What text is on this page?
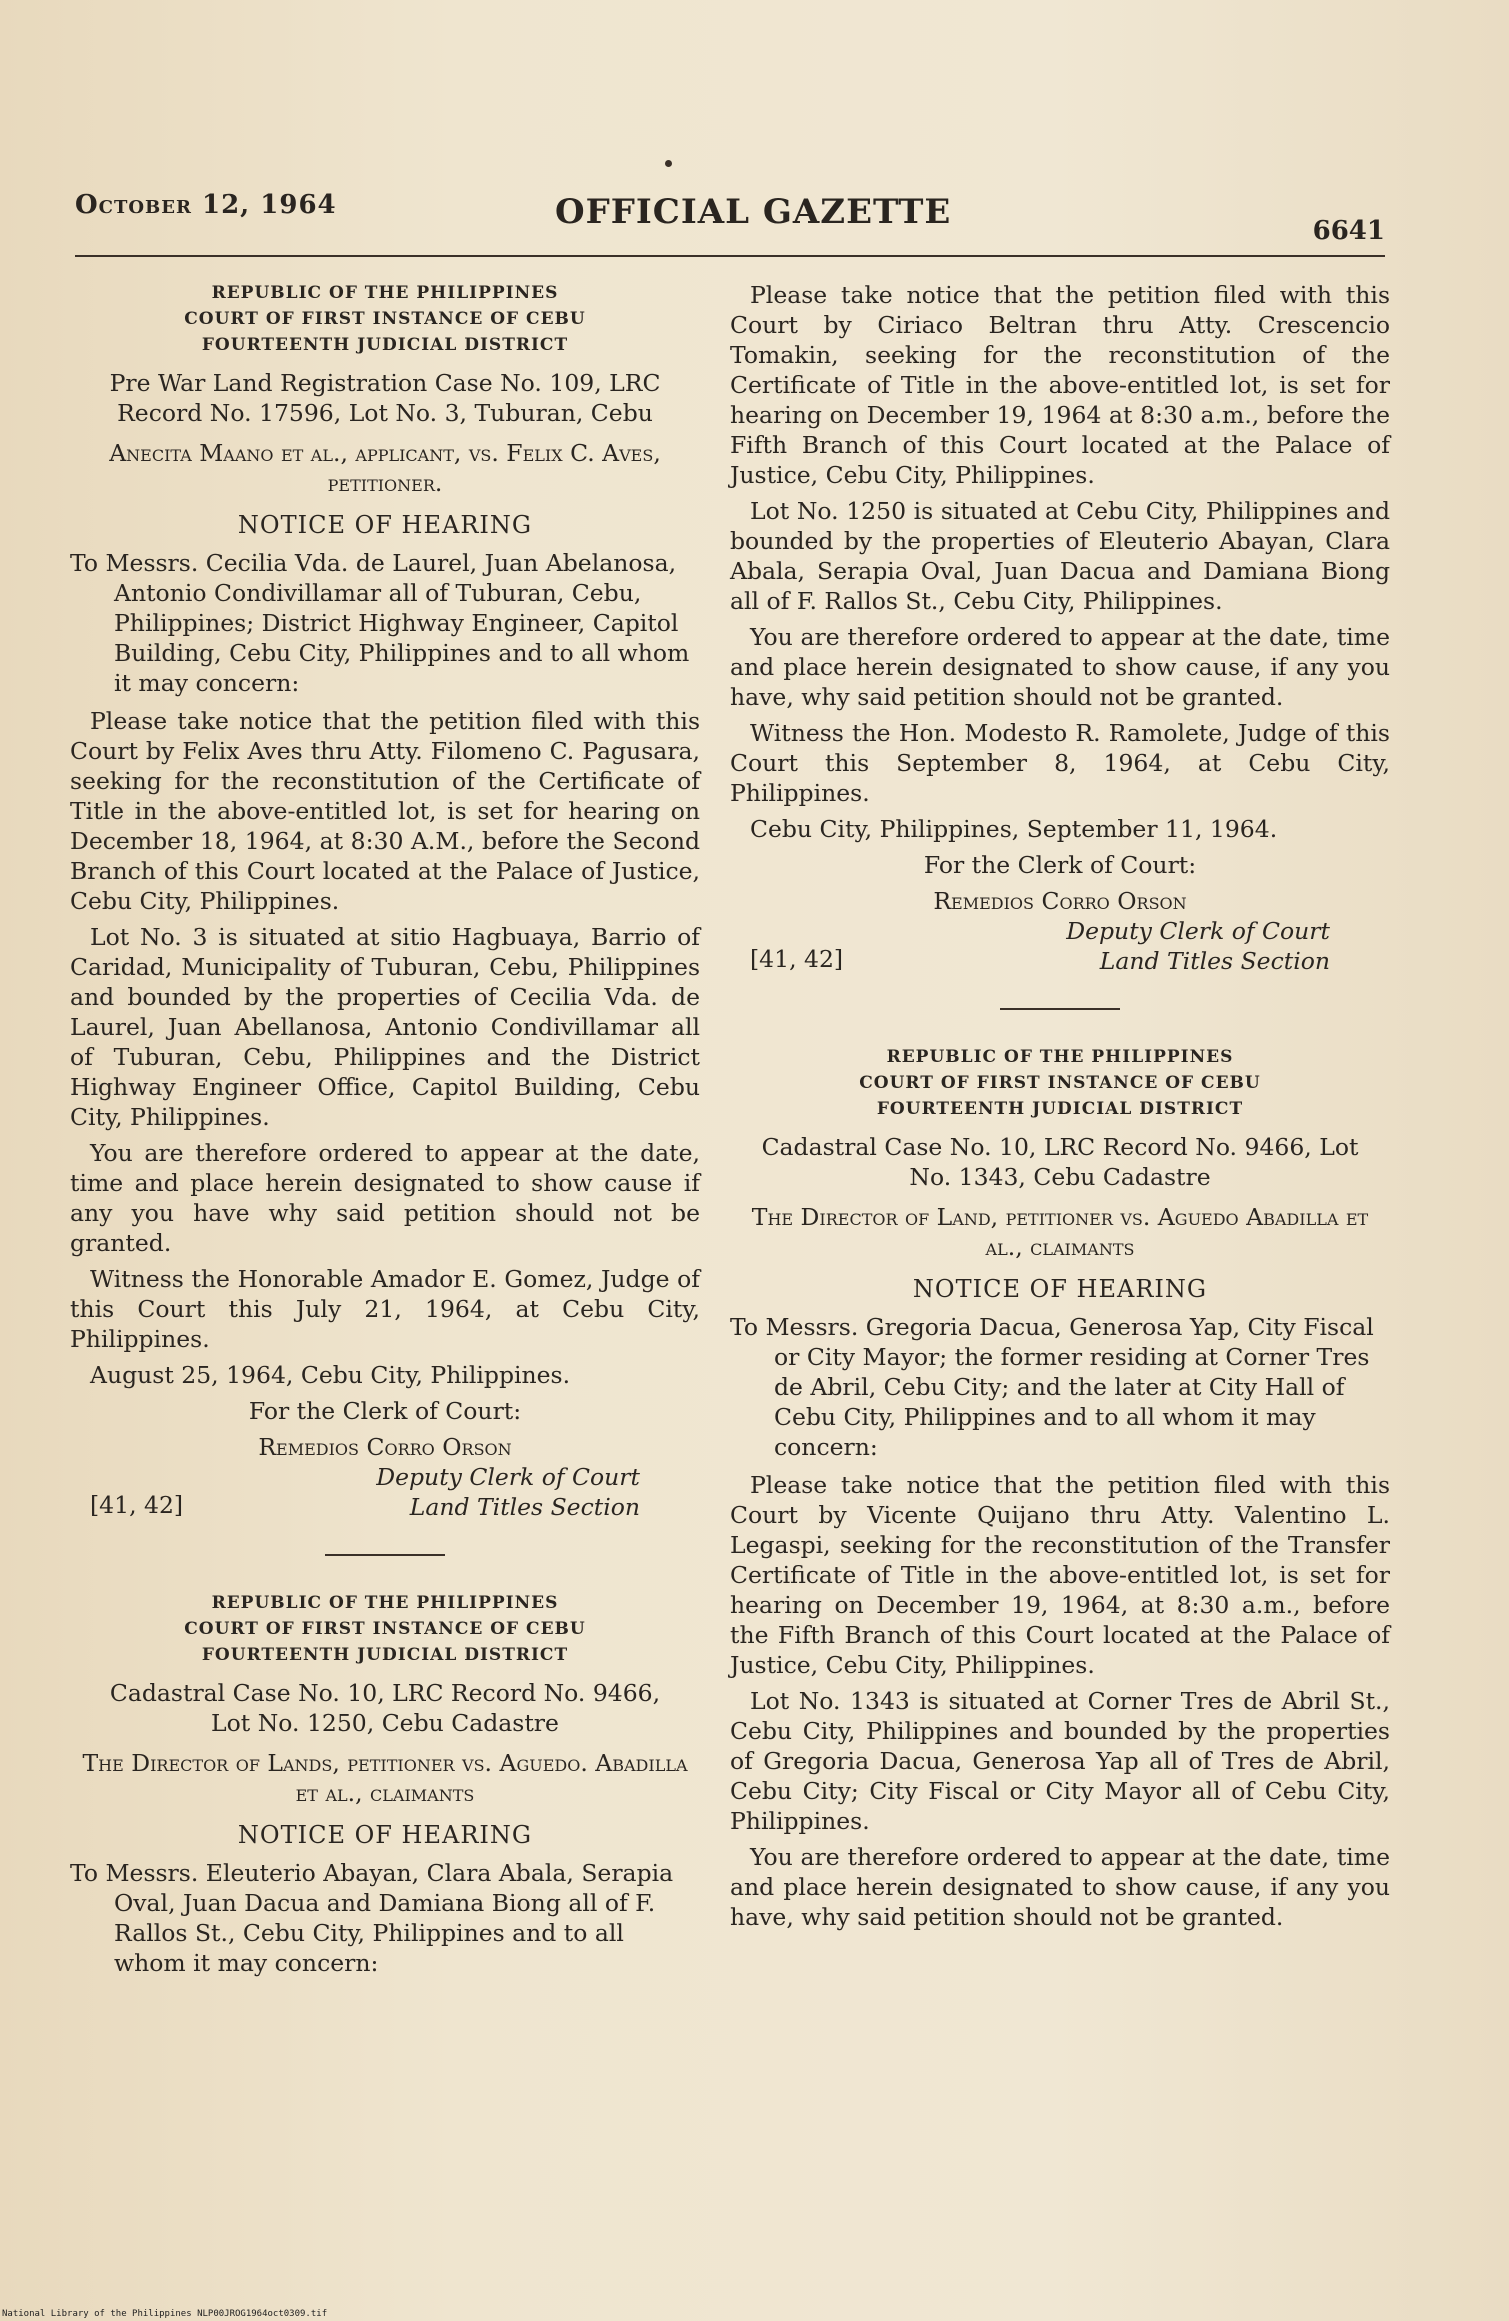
October 12, 1964	OFFICIAL GAZETTE	6641
REPUBLIC OF THE PHILIPPINES
COURT OF FIRST INSTANCE OF CEBU
FOURTEENTH JUDICIAL DISTRICT
Pre War Land Registration Case No. 109, LRC Record No. 17596, Lot No. 3, Tuburan, Cebu
Anecita Maano et al., applicant, vs. Felix C. Aves, petitioner.
NOTICE OF HEARING
To Messrs. Cecilia Vda. de Laurel, Juan Abelanosa, Antonio Condivillamar all of Tuburan, Cebu, Philippines; District Highway Engineer, Capitol Building, Cebu City, Philippines and to all whom it may concern:

Please take notice that the petition filed with this Court by Felix Aves thru Atty. Filomeno C. Pagusara, seeking for the reconstitution of the Certificate of Title in the above-entitled lot, is set for hearing on December 18, 1964, at 8:30 A.M., before the Second Branch of this Court located at the Palace of Justice, Cebu City, Philippines.

Lot No. 3 is situated at sitio Hagbuaya, Barrio of Caridad, Municipality of Tuburan, Cebu, Philippines and bounded by the properties of Cecilia Vda. de Laurel, Juan Abellanosa, Antonio Condivillamar all of Tuburan, Cebu, Philippines and the District Highway Engineer Office, Capitol Building, Cebu City, Philippines.

You are therefore ordered to appear at the date, time and place herein designated to show cause if any you have why said petition should not be granted.

Witness the Honorable Amador E. Gomez, Judge of this Court this July 21, 1964, at Cebu City, Philippines.

August 25, 1964, Cebu City, Philippines.

For the Clerk of Court:
Remedios Corro Orson
Deputy Clerk of Court
[41, 42]	Land Titles Section
REPUBLIC OF THE PHILIPPINES
COURT OF FIRST INSTANCE OF CEBU
FOURTEENTH JUDICIAL DISTRICT
Cadastral Case No. 10, LRC Record No. 9466, Lot No. 1250, Cebu Cadastre
The Director of Lands, petitioner vs. Aguedo. Abadilla et al., claimants
NOTICE OF HEARING
To Messrs. Eleuterio Abayan, Clara Abala, Serapia Oval, Juan Dacua and Damiana Biong all of F. Rallos St., Cebu City, Philippines and to all whom it may concern:

Please take notice that the petition filed with this Court by Ciriaco Beltran thru Atty. Crescencio Tomakin, seeking for the reconstitution of the Certificate of Title in the above-entitled lot, is set for hearing on December 19, 1964 at 8:30 a.m., before the Fifth Branch of this Court located at the Palace of Justice, Cebu City, Philippines.

Lot No. 1250 is situated at Cebu City, Philippines and bounded by the properties of Eleuterio Abayan, Clara Abala, Serapia Oval, Juan Dacua and Damiana Biong all of F. Rallos St., Cebu City, Philippines.

You are therefore ordered to appear at the date, time and place herein designated to show cause, if any you have, why said petition should not be granted.

Witness the Hon. Modesto R. Ramolete, Judge of this Court this September 8, 1964, at Cebu City, Philippines.

Cebu City, Philippines, September 11, 1964.

For the Clerk of Court:
Remedios Corro Orson
Deputy Clerk of Court
[41, 42]	Land Titles Section
REPUBLIC OF THE PHILIPPINES
COURT OF FIRST INSTANCE OF CEBU
FOURTEENTH JUDICIAL DISTRICT
Cadastral Case No. 10, LRC Record No. 9466, Lot No. 1343, Cebu Cadastre
The Director of Land, petitioner vs. Aguedo Abadilla et al., claimants
NOTICE OF HEARING
To Messrs. Gregoria Dacua, Generosa Yap, City Fiscal or City Mayor; the former residing at Corner Tres de Abril, Cebu City; and the later at City Hall of Cebu City, Philippines and to all whom it may concern:

Please take notice that the petition filed with this Court by Vicente Quijano thru Atty. Valentino L. Legaspi, seeking for the reconstitution of the Transfer Certificate of Title in the above-entitled lot, is set for hearing on December 19, 1964, at 8:30 a.m., before the Fifth Branch of this Court located at the Palace of Justice, Cebu City, Philippines.

Lot No. 1343 is situated at Corner Tres de Abril St., Cebu City, Philippines and bounded by the properties of Gregoria Dacua, Generosa Yap all of Tres de Abril, Cebu City; City Fiscal or City Mayor all of Cebu City, Philippines.

You are therefore ordered to appear at the date, time and place herein designated to show cause, if any you have, why said petition should not be granted.

National Library of the Philippines NLP00JROG1964oct0309.tif
